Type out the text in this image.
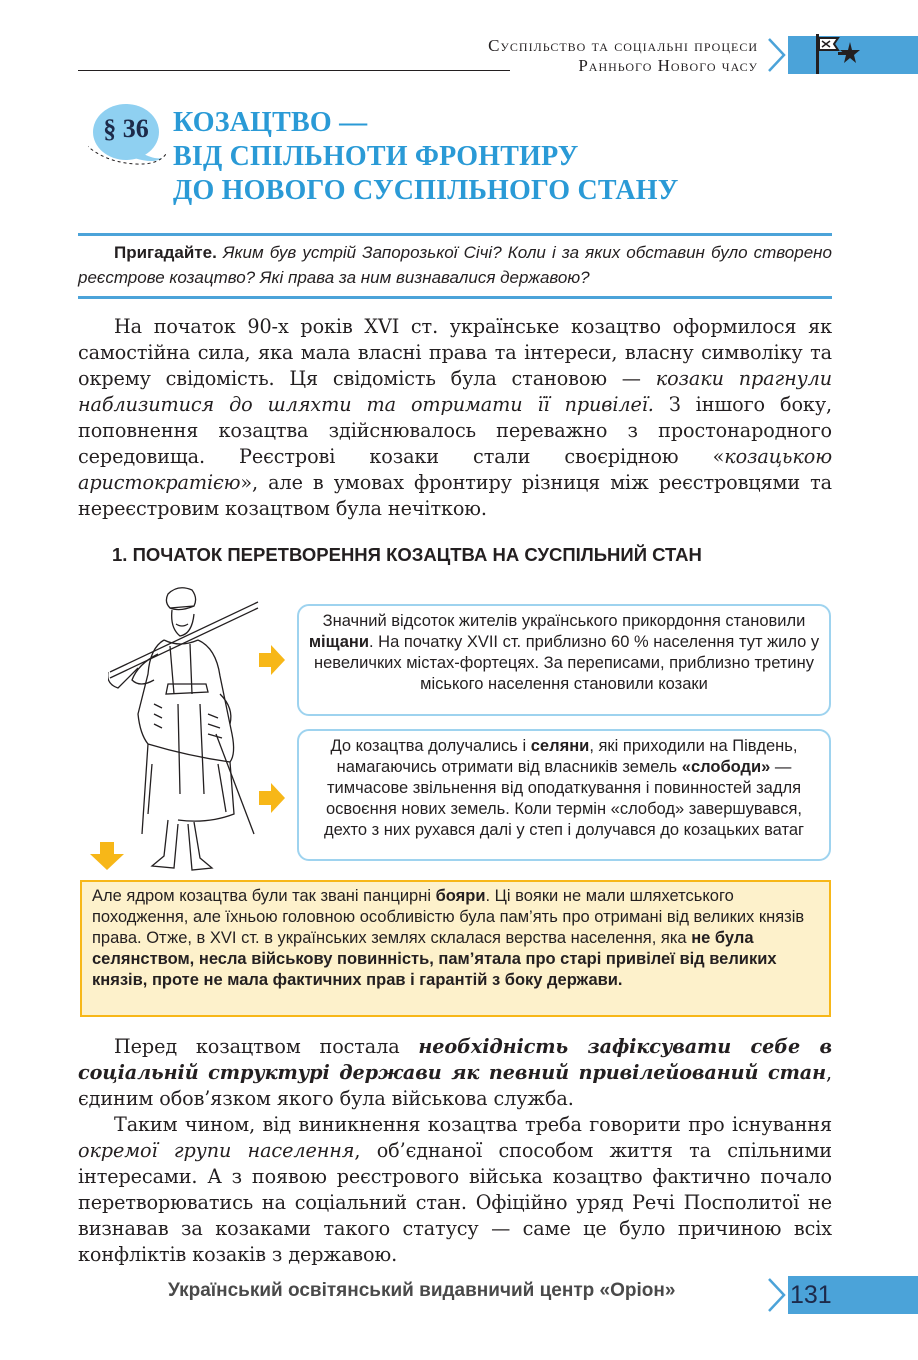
Суспільство та соціальні процеси
Раннього Нового часу
§ 36 КОЗАЦТВО —
ВІД СПІЛЬНОТИ ФРОНТИРУ
ДО НОВОГО СУСПІЛЬНОГО СТАНУ
Пригадайте. Яким був устрій Запорозької Січі? Коли і за яких обставин було створено реєстрове козацтво? Які права за ним визнавалися державою?
На початок 90-х років XVI ст. українське козацтво оформилося як самостійна сила, яка мала власні права та інтереси, власну символіку та окрему свідомість. Ця свідомість була становою — козаки прагнули наблизитися до шляхти та отримати її привілеї. З іншого боку, поповнення козацтва здійснювалось переважно з простонародного середовища. Реєстрові козаки стали своєрідною «козацькою аристократією», але в умовах фронтиру різниця між реєстровцями та нереєстровим козацтвом була нечіткою.
1. ПОЧАТОК ПЕРЕТВОРЕННЯ КОЗАЦТВА НА СУСПІЛЬНИЙ СТАН
Значний відсоток жителів українського прикордоння становили міщани. На початку XVII ст. приблизно 60 % населення тут жило у невеличких містах-фортецях. За переписами, приблизно третину міського населення становили козаки
До козацтва долучались і селяни, які приходили на Південь, намагаючись отримати від власників земель «слободи» — тимчасове звільнення від оподаткування і повинностей задля освоєння нових земель. Коли термін «слобод» завершувався, дехто з них рухався далі у степ і долучався до козацьких ватаг
Але ядром козацтва були так звані панцирні бояри. Ці вояки не мали шляхетського походження, але їхньою головною особливістю була пам’ять про отримані від великих князів права. Отже, в XVI ст. в українських землях склалася верства населення, яка не була селянством, несла військову повинність, пам’ятала про старі привілеї від великих князів, проте не мала фактичних прав і гарантій з боку держави.
Перед козацтвом постала необхідність зафіксувати себе в соціальній структурі держави як певний привілейований стан, єдиним обов’язком якого була військова служба.
Таким чином, від виникнення козацтва треба говорити про існування окремої групи населення, об’єднаної способом життя та спільними інтересами. А з появою реєстрового війська козацтво фактично почало перетворюватись на соціальний стан. Офіційно уряд Речі Посполитої не визнавав за козаками такого статусу — саме це було причиною всіх конфліктів козаків з державою.
Український освітянський видавничий центр «Оріон»	131
